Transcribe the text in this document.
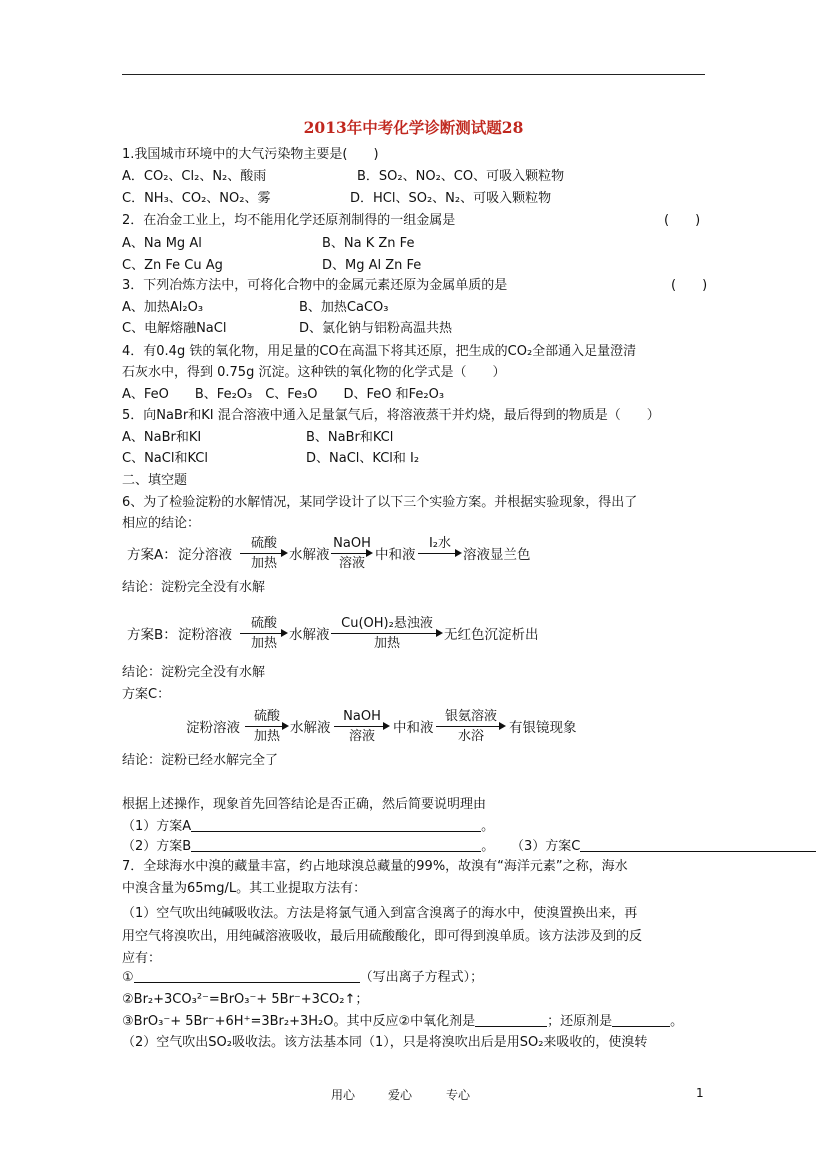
2013年中考化学诊断测试题28
1.我国城市环境中的大气污染物主要是(　　)
A．CO₂、Cl₂、N₂、酸雨	B．SO₂、NO₂、CO、可吸入颗粒物
C．NH₃、CO₂、NO₂、雾	D．HCl、SO₂、N₂、可吸入颗粒物
2．在冶金工业上，均不能用化学还原剂制得的一组金属是	(　　)
A、Na Mg Al	B、Na K Zn Fe
C、Zn Fe Cu Ag	D、Mg Al Zn Fe
3．下列冶炼方法中，可将化合物中的金属元素还原为金属单质的是	(　　)
A、加热Al₂O₃	B、加热CaCO₃
C、电解熔融NaCl	D、氯化钠与铝粉高温共热
4．有0.4g 铁的氧化物，用足量的CO在高温下将其还原，把生成的CO₂全部通入足量澄清
石灰水中，得到 0.75g 沉淀。这种铁的氧化物的化学式是（　　）
A、FeO　　B、Fe₂O₃　C、Fe₃O　　D、FeO 和Fe₂O₃
5．向NaBr和KI 混合溶液中通入足量氯气后，将溶液蒸干并灼烧，最后得到的物质是（　　）
A、NaBr和KI	B、NaBr和KCl
C、NaCl和KCl	D、NaCl、KCl和 I₂
二、填空题
6、为了检验淀粉的水解情况，某同学设计了以下三个实验方案。并根据实验现象，得出了
相应的结论：
方案A： 淀分溶液
硫酸
加热
水解液
NaOH
溶液
中和液
I₂水
溶液显兰色
结论：淀粉完全没有水解
方案B： 淀粉溶液
硫酸
加热
水解液
Cu(OH)₂悬浊液
加热
无红色沉淀析出
结论：淀粉完全没有水解
方案C：
淀粉溶液
硫酸
加热
水解液
NaOH
溶液
中和液
银氨溶液
水浴
有银镜现象
结论：淀粉已经水解完全了
根据上述操作，现象首先回答结论是否正确，然后简要说明理由
（1）方案A	。
（2）方案B	。 （3）方案C
7．全球海水中溴的藏量丰富，约占地球溴总藏量的99%，故溴有“海洋元素”之称，海水
中溴含量为65mg/L。其工业提取方法有：
（1）空气吹出纯碱吸收法。方法是将氯气通入到富含溴离子的海水中，使溴置换出来，再
用空气将溴吹出，用纯碱溶液吸收，最后用硫酸酸化，即可得到溴单质。该方法涉及到的反
应有：
①	（写出离子方程式）；
②Br₂+3CO₃²⁻=BrO₃⁻+ 5Br⁻+3CO₂↑；
③BrO₃⁻+ 5Br⁻+6H⁺=3Br₂+3H₂O。其中反应②中氧化剂是	；还原剂是	。
（2）空气吹出SO₂吸收法。该方法基本同（1），只是将溴吹出后是用SO₂来吸收的，使溴转
用心	爱心	专心	1
